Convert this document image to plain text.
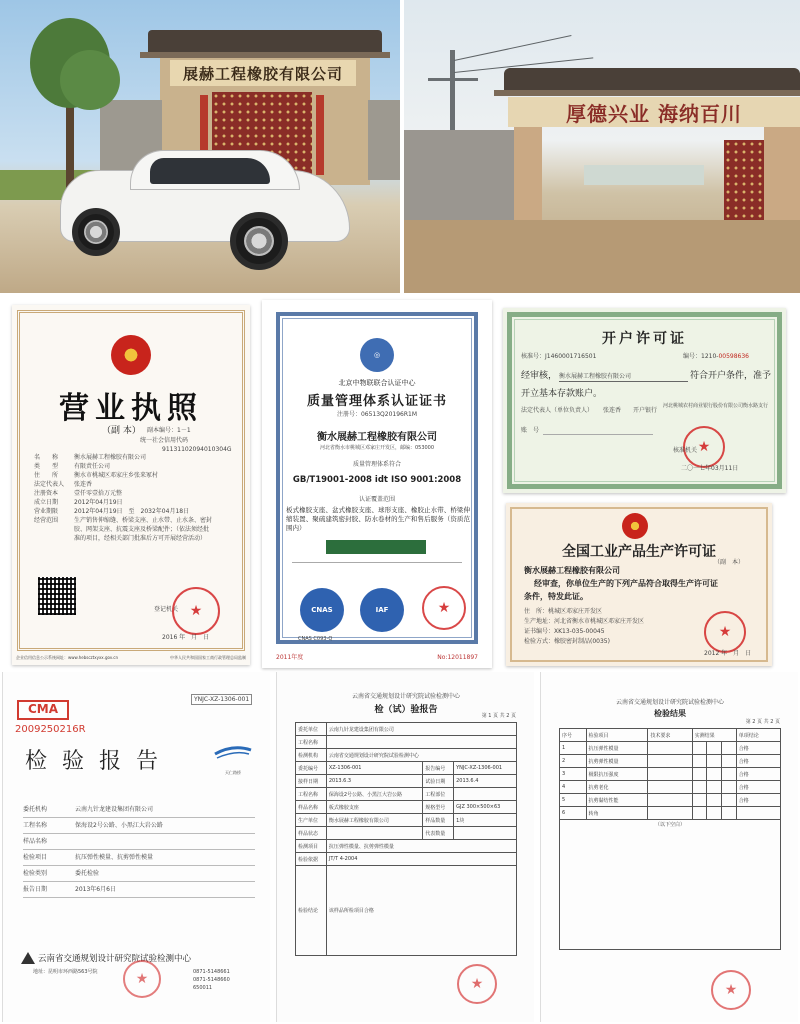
展赫工程橡胶有限公司
厚德兴业 海纳百川
营业执照
（副 本） 副本编号：1－1
统一社会信用代码
91131102094010304G
名　　称	衡水展赫工程橡胶有限公司
类　　型	有限责任公司
住　　所	衡水市桃城区邓家庄乡张来冢村
法定代表人	张连香
注册资本	壹仟零壹拾万元整
成立日期	2012年04月19日
营业期限	2012年04月19日　至　2032年04月18日
经营范围	生产销售伸缩缝、桥梁支座、止水带、止水条、密封胶、网架支座、抗震支座及桥梁配件；（依法须经批准的项目，经相关部门批准后方可开展经营活动）
登记机关 ★
2016 年　月　日
企业信用信息公示系统网址：www.hebscztxyxx.gov.cn	中华人民共和国国家工商行政管理总局监制
◎
北京中物联联合认证中心
质量管理体系认证证书
注册号：06513Q20196R1M
衡水展赫工程橡胶有限公司
河北省衡水市桃城区邓家庄开发区，邮编：053000
质量管理体系符合
GB/T19001-2008 idt ISO 9001:2008
认证覆盖范围
板式橡胶支座、盆式橡胶支座、球形支座、橡胶止水带、桥梁伸缩装置、聚硫建筑密封胶、防水卷材的生产和售后服务（资质范围内）
CNAS	IAF
CNAS C093-Q
★
2011年度	No:12011897
开户许可证
核准号：J1460001716501	编号：1210-00598636
经审核， 衡水展赫工程橡胶有限公司	符合开户条件，准予
开立基本存款账户。
法定代表人（单位负责人） 张连香 开户银行
河北桃城农村商业银行股份有限公司衡水路支行
账　号
★
核准机关
二〇一七年03月11日
全国工业产品生产许可证
（副　本）
衡水展赫工程橡胶有限公司
经审查，你单位生产的下列产品符合取得生产许可证
条件，特发此证。
住　所：桃城区邓家庄开发区
生产地址：河北省衡水市桃城区邓家庄开发区
证书编号：XK13-035-00045
检验方式：橡胶密封制品(0035)
★
2012 年　月　日
CMA
2009250216R
YNJC-XZ-1306-001
检 验 报 告	天仁路桥
委托机构	云南九针龙建设集团有限公司
工程名称	保海设2号公路、小黑江大岩公路
样品名称
检验项目	抗压弹性模量、抗剪弹性模量
检验类别	委托检验
报告日期	2013年6月6日
云南省交通规划设计研究院试验检测中心
地址：昆明市环西路563号院	0871-5148661
0871-5148660
650011
★
云南省交通规划设计研究院试验检测中心
检（试）验报告
第 1 页 共 2 页
委托单位	云南九针龙建设集团有限公司		
工程名称			
检测机构	云南省交通规划设计研究院试验检测中心		
委托编号	XZ-1306-001	报告编号	YNJC-XZ-1306-001
接样日期	2013.6.3	试验日期	2013.6.4
工程名称	保海设2号公路、小黑江大岩公路	工程部位	
样品名称	板式橡胶支座	规格型号	GJZ 300×500×63
生产单位	衡水展赫工程橡胶有限公司	样品数量	1块
样品状态		代表数量	
检测项目	抗压弹性模量、抗剪弹性模量		
检验依据	JT/T 4-2004		
检验结论	该样品所检项目合格		
★
云南省交通规划设计研究院试验检测中心
检验结果
第 2 页 共 2 页
序号	检验项目	技术要求	实测结果			单项结论
1	抗压弹性模量					合格
2	抗剪弹性模量					合格
3	极限抗压强度					合格
4	抗剪老化					合格
5	抗剪黏结性能					合格
6	转角					
（以下空白）						
★
